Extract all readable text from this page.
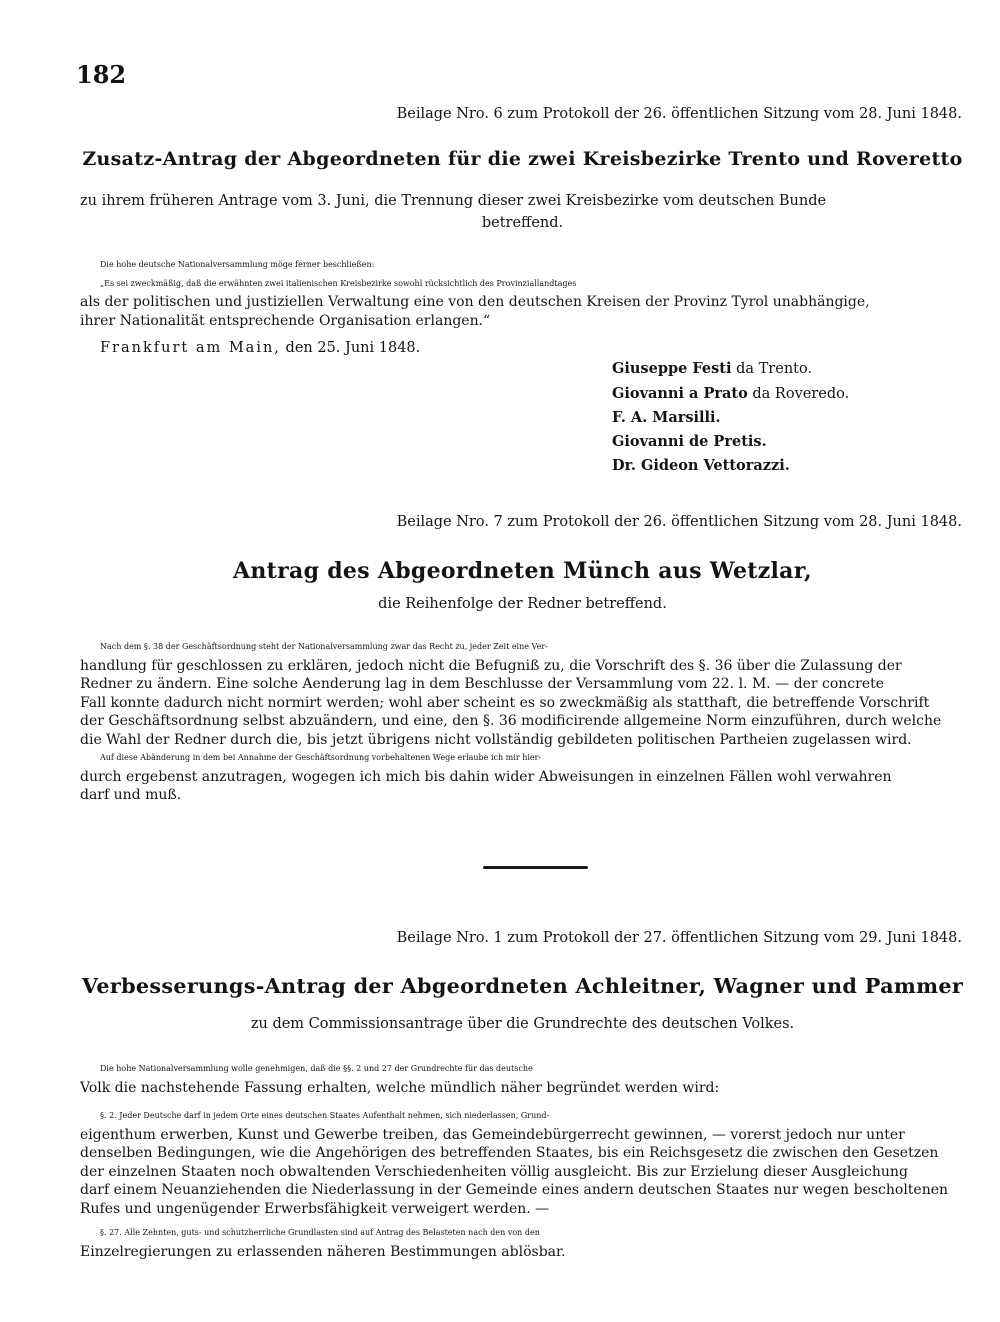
182
Beilage Nro. 6 zum Protokoll der 26. öffentlichen Sitzung vom 28. Juni 1848.
Zusatz-Antrag der Abgeordneten für die zwei Kreisbezirke Trento und Roveretto
zu ihrem früheren Antrage vom 3. Juni, die Trennung dieser zwei Kreisbezirke vom deutschen Bunde
betreffend.
Die hohe deutsche Nationalversammlung möge ferner beschließen:
„Es sei zweckmäßig, daß die erwähnten zwei italienischen Kreisbezirke sowohl rücksichtlich des Provinziallandtages
als der politischen und justiziellen Verwaltung eine von den deutschen Kreisen der Provinz Tyrol unabhängige,
ihrer Nationalität entsprechende Organisation erlangen.“
Frankfurt am Main, den 25. Juni 1848.
Giuseppe Festi da Trento.
Giovanni a Prato da Roveredo.
F. A. Marsilli.
Giovanni de Pretis.
Dr. Gideon Vettorazzi.
Beilage Nro. 7 zum Protokoll der 26. öffentlichen Sitzung vom 28. Juni 1848.
Antrag des Abgeordneten Münch aus Wetzlar,
die Reihenfolge der Redner betreffend.
Nach dem §. 38 der Geschäftsordnung steht der Nationalversammlung zwar das Recht zu, jeder Zeit eine Ver-
handlung für geschlossen zu erklären, jedoch nicht die Befugniß zu, die Vorschrift des §. 36 über die Zulassung der
Redner zu ändern. Eine solche Aenderung lag in dem Beschlusse der Versammlung vom 22. l. M. — der concrete
Fall konnte dadurch nicht normirt werden; wohl aber scheint es so zweckmäßig als statthaft, die betreffende Vorschrift
der Geschäftsordnung selbst abzuändern, und eine, den §. 36 modificirende allgemeine Norm einzuführen, durch welche
die Wahl der Redner durch die, bis jetzt übrigens nicht vollständig gebildeten politischen Partheien zugelassen wird.
Auf diese Abänderung in dem bei Annahme der Geschäftsordnung vorbehaltenen Wege erlaube ich mir hier-
durch ergebenst anzutragen, wogegen ich mich bis dahin wider Abweisungen in einzelnen Fällen wohl verwahren
darf und muß.
Beilage Nro. 1 zum Protokoll der 27. öffentlichen Sitzung vom 29. Juni 1848.
Verbesserungs-Antrag der Abgeordneten Achleitner, Wagner und Pammer
zu dem Commissionsantrage über die Grundrechte des deutschen Volkes.
Die hohe Nationalversammlung wolle genehmigen, daß die §§. 2 und 27 der Grundrechte für das deutsche
Volk die nachstehende Fassung erhalten, welche mündlich näher begründet werden wird:
§. 2. Jeder Deutsche darf in jedem Orte eines deutschen Staates Aufenthalt nehmen, sich niederlassen, Grund-
eigenthum erwerben, Kunst und Gewerbe treiben, das Gemeindebürgerrecht gewinnen, — vorerst jedoch nur unter
denselben Bedingungen, wie die Angehörigen des betreffenden Staates, bis ein Reichsgesetz die zwischen den Gesetzen
der einzelnen Staaten noch obwaltenden Verschiedenheiten völlig ausgleicht. Bis zur Erzielung dieser Ausgleichung
darf einem Neuanziehenden die Niederlassung in der Gemeinde eines andern deutschen Staates nur wegen bescholtenen
Rufes und ungenügender Erwerbsfähigkeit verweigert werden. —
§. 27. Alle Zehnten, guts- und schutzherrliche Grundlasten sind auf Antrag des Belasteten nach den von den
Einzelregierungen zu erlassenden näheren Bestimmungen ablösbar.
